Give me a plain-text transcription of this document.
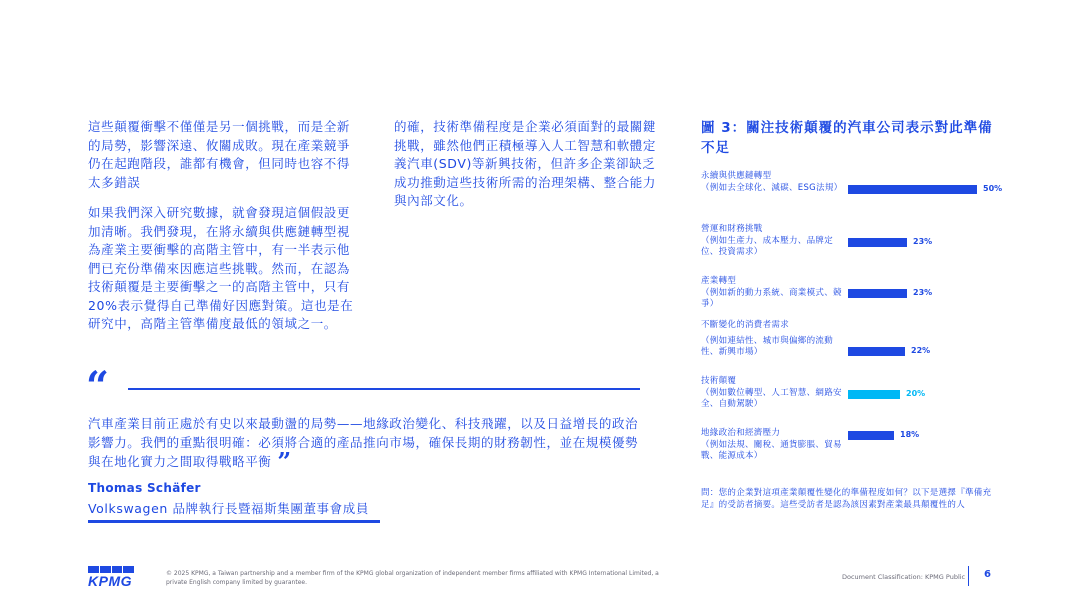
這些顛覆衝擊不僅僅是另一個挑戰，而是全新的局勢，影響深遠、攸關成敗。現在產業競爭仍在起跑階段，誰都有機會，但同時也容不得太多錯誤

如果我們深入研究數據，就會發現這個假設更加清晰。我們發現，在將永續與供應鏈轉型視為產業主要衝擊的高階主管中，有一半表示他們已充份準備來因應這些挑戰。然而，在認為技術顛覆是主要衝擊之一的高階主管中，只有20%表示覺得自己準備好因應對策。這也是在研究中，高階主管準備度最低的領域之一。

的確，技術準備程度是企業必須面對的最關鍵挑戰，雖然他們正積極導入人工智慧和軟體定義汽車(SDV)等新興技術，但許多企業卻缺乏成功推動這些技術所需的治理架構、整合能力與內部文化。

“
汽車產業目前正處於有史以來最動盪的局勢——地緣政治變化、科技飛躍，以及日益增長的政治影響力。我們的重點很明確：必須將合適的產品推向市場，確保長期的財務韌性，並在規模優勢與在地化實力之間取得戰略平衡 ”
Thomas Schäfer
Volkswagen 品牌執行長暨福斯集團董事會成員
圖 3：關注技術顛覆的汽車公司表示對此準備不足
永續與供應鏈轉型
（例如去全球化、減碳、ESG法規）	50%
營運和財務挑戰
（例如生產力、成本壓力、品牌定位、投資需求）
23%
產業轉型
（例如新的動力系統、商業模式、競爭）
23%
不斷變化的消費者需求
（例如連結性、城市與偏鄉的流動性、新興市場）	22%
技術顛覆
（例如數位轉型、人工智慧、網路安全、自動駕駛）
20%
地緣政治和經濟壓力
（例如法規、關稅、通貨膨脹、貿易戰、能源成本）
18%
問：您的企業對這項產業顛覆性變化的準備程度如何？以下是選擇『準備充足』的受訪者摘要。這些受訪者是認為該因素對產業最具顛覆性的人
KPMG	© 2025 KPMG, a Taiwan partnership and a member firm of the KPMG global organization of independent member firms affiliated with KPMG International Limited, a private English company limited by guarantee.
Document Classification: KPMG Public 6
